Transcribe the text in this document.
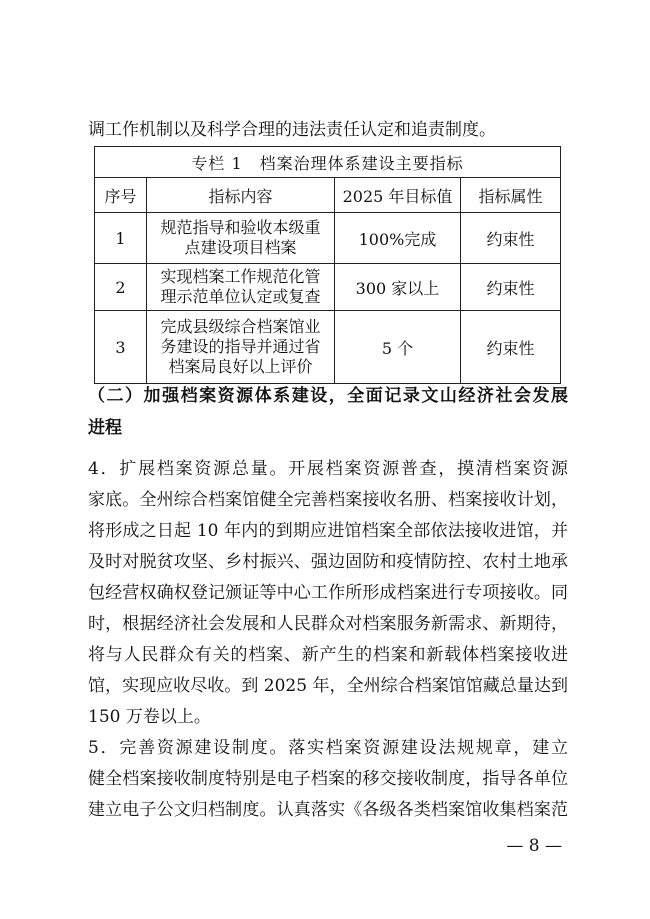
调工作机制以及科学合理的违法责任认定和追责制度。
专栏 1　档案治理体系建设主要指标			
序号	指标内容	2025 年目标值	指标属性
1	规范指导和验收本级重点建设项目档案	100%完成	约束性
2	实现档案工作规范化管理示范单位认定或复查	300 家以上	约束性
3	完成县级综合档案馆业务建设的指导并通过省档案局良好以上评价	5 个	约束性
（二）加强档案资源体系建设，全面记录文山经济社会发展
进程
4．扩展档案资源总量。开展档案资源普查，摸清档案资源
家底。全州综合档案馆健全完善档案接收名册、档案接收计划，
将形成之日起 10 年内的到期应进馆档案全部依法接收进馆，并
及时对脱贫攻坚、乡村振兴、强边固防和疫情防控、农村土地承
包经营权确权登记颁证等中心工作所形成档案进行专项接收。同
时，根据经济社会发展和人民群众对档案服务新需求、新期待，
将与人民群众有关的档案、新产生的档案和新载体档案接收进
馆，实现应收尽收。到 2025 年，全州综合档案馆馆藏总量达到
150 万卷以上。
5．完善资源建设制度。落实档案资源建设法规规章，建立
健全档案接收制度特别是电子档案的移交接收制度，指导各单位
建立电子公文归档制度。认真落实《各级各类档案馆收集档案范
— 8 —
